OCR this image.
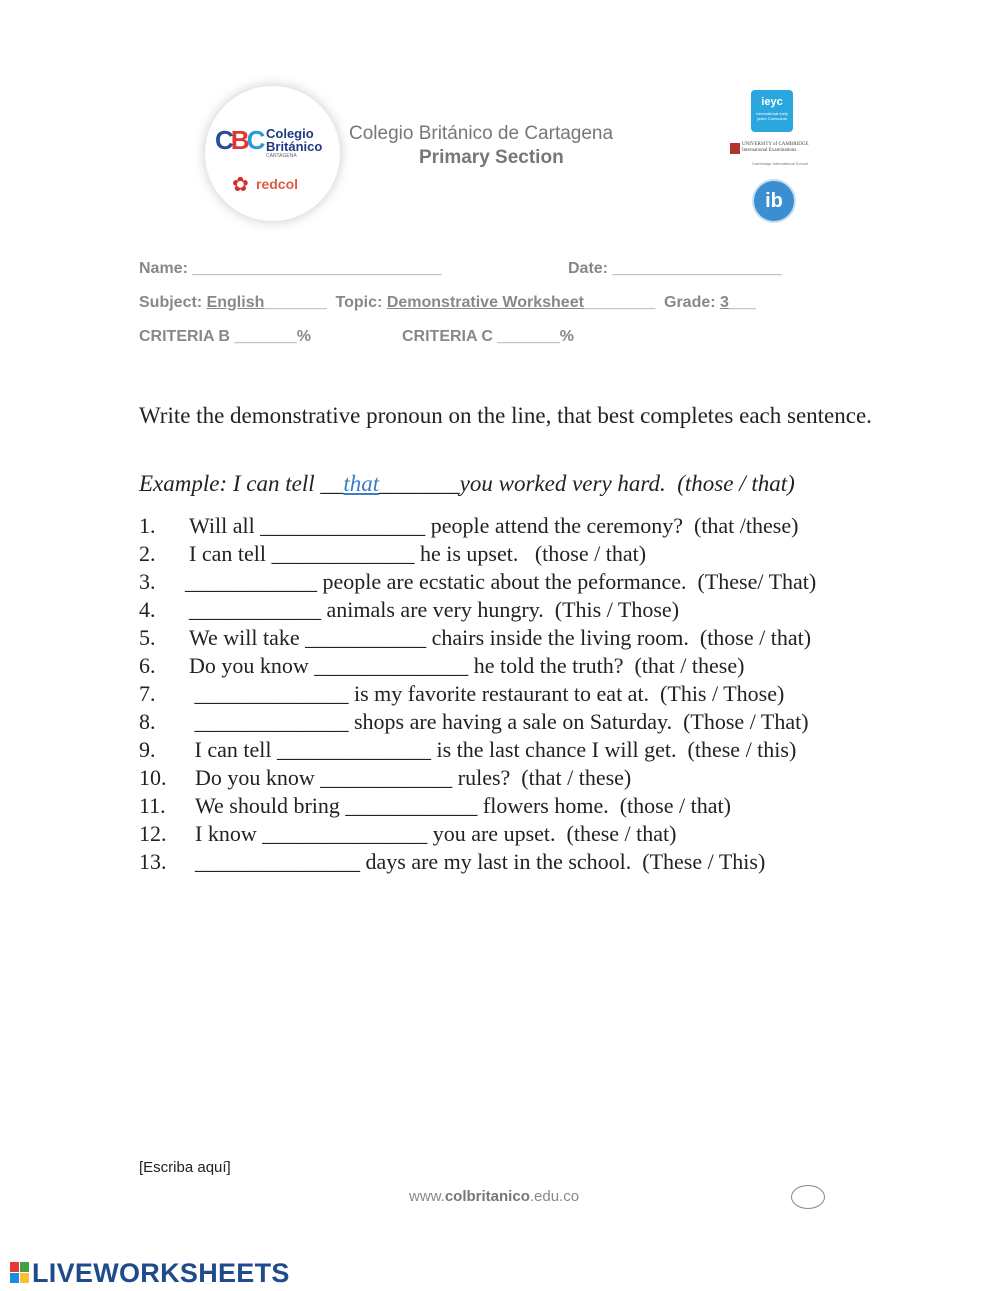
CBC Colegio
Británico
CARTAGENA
✿ redcol
Colegio Británico de Cartagena
Primary Section
ieyc
International early years Curriculum
UNIVERSITY of CAMBRIDGE
International Examinations
Cambridge International School
ib
Name: ____________________________	Date: ___________________
Subject: English_______ Topic: Demonstrative Worksheet________ Grade: 3___
CRITERIA B _______%	CRITERIA C _______%
Write the demonstrative pronoun on the line, that best completes each sentence.
Example: I can tell __that_______you worked very hard.  (those / that)
1. Will all _______________ people attend the ceremony?  (that /these)
2. I can tell _____________ he is upset.   (those / that)
3. ____________ people are ecstatic about the peformance.  (These/ That)
4. ____________ animals are very hungry.  (This / Those)
5. We will take ___________ chairs inside the living room.  (those / that)
6. Do you know ______________ he told the truth?  (that / these)
7. ______________ is my favorite restaurant to eat at.  (This / Those)
8. ______________ shops are having a sale on Saturday.  (Those / That)
9. I can tell ______________ is the last chance I will get.  (these / this)
10. Do you know ____________ rules?  (that / these)
11. We should bring ____________ flowers home.  (those / that)
12. I know _______________ you are upset.  (these / that)
13. _______________ days are my last in the school.  (These / This)
[Escriba aquí]
www.colbritanico.edu.co
LIVEWORKSHEETS
